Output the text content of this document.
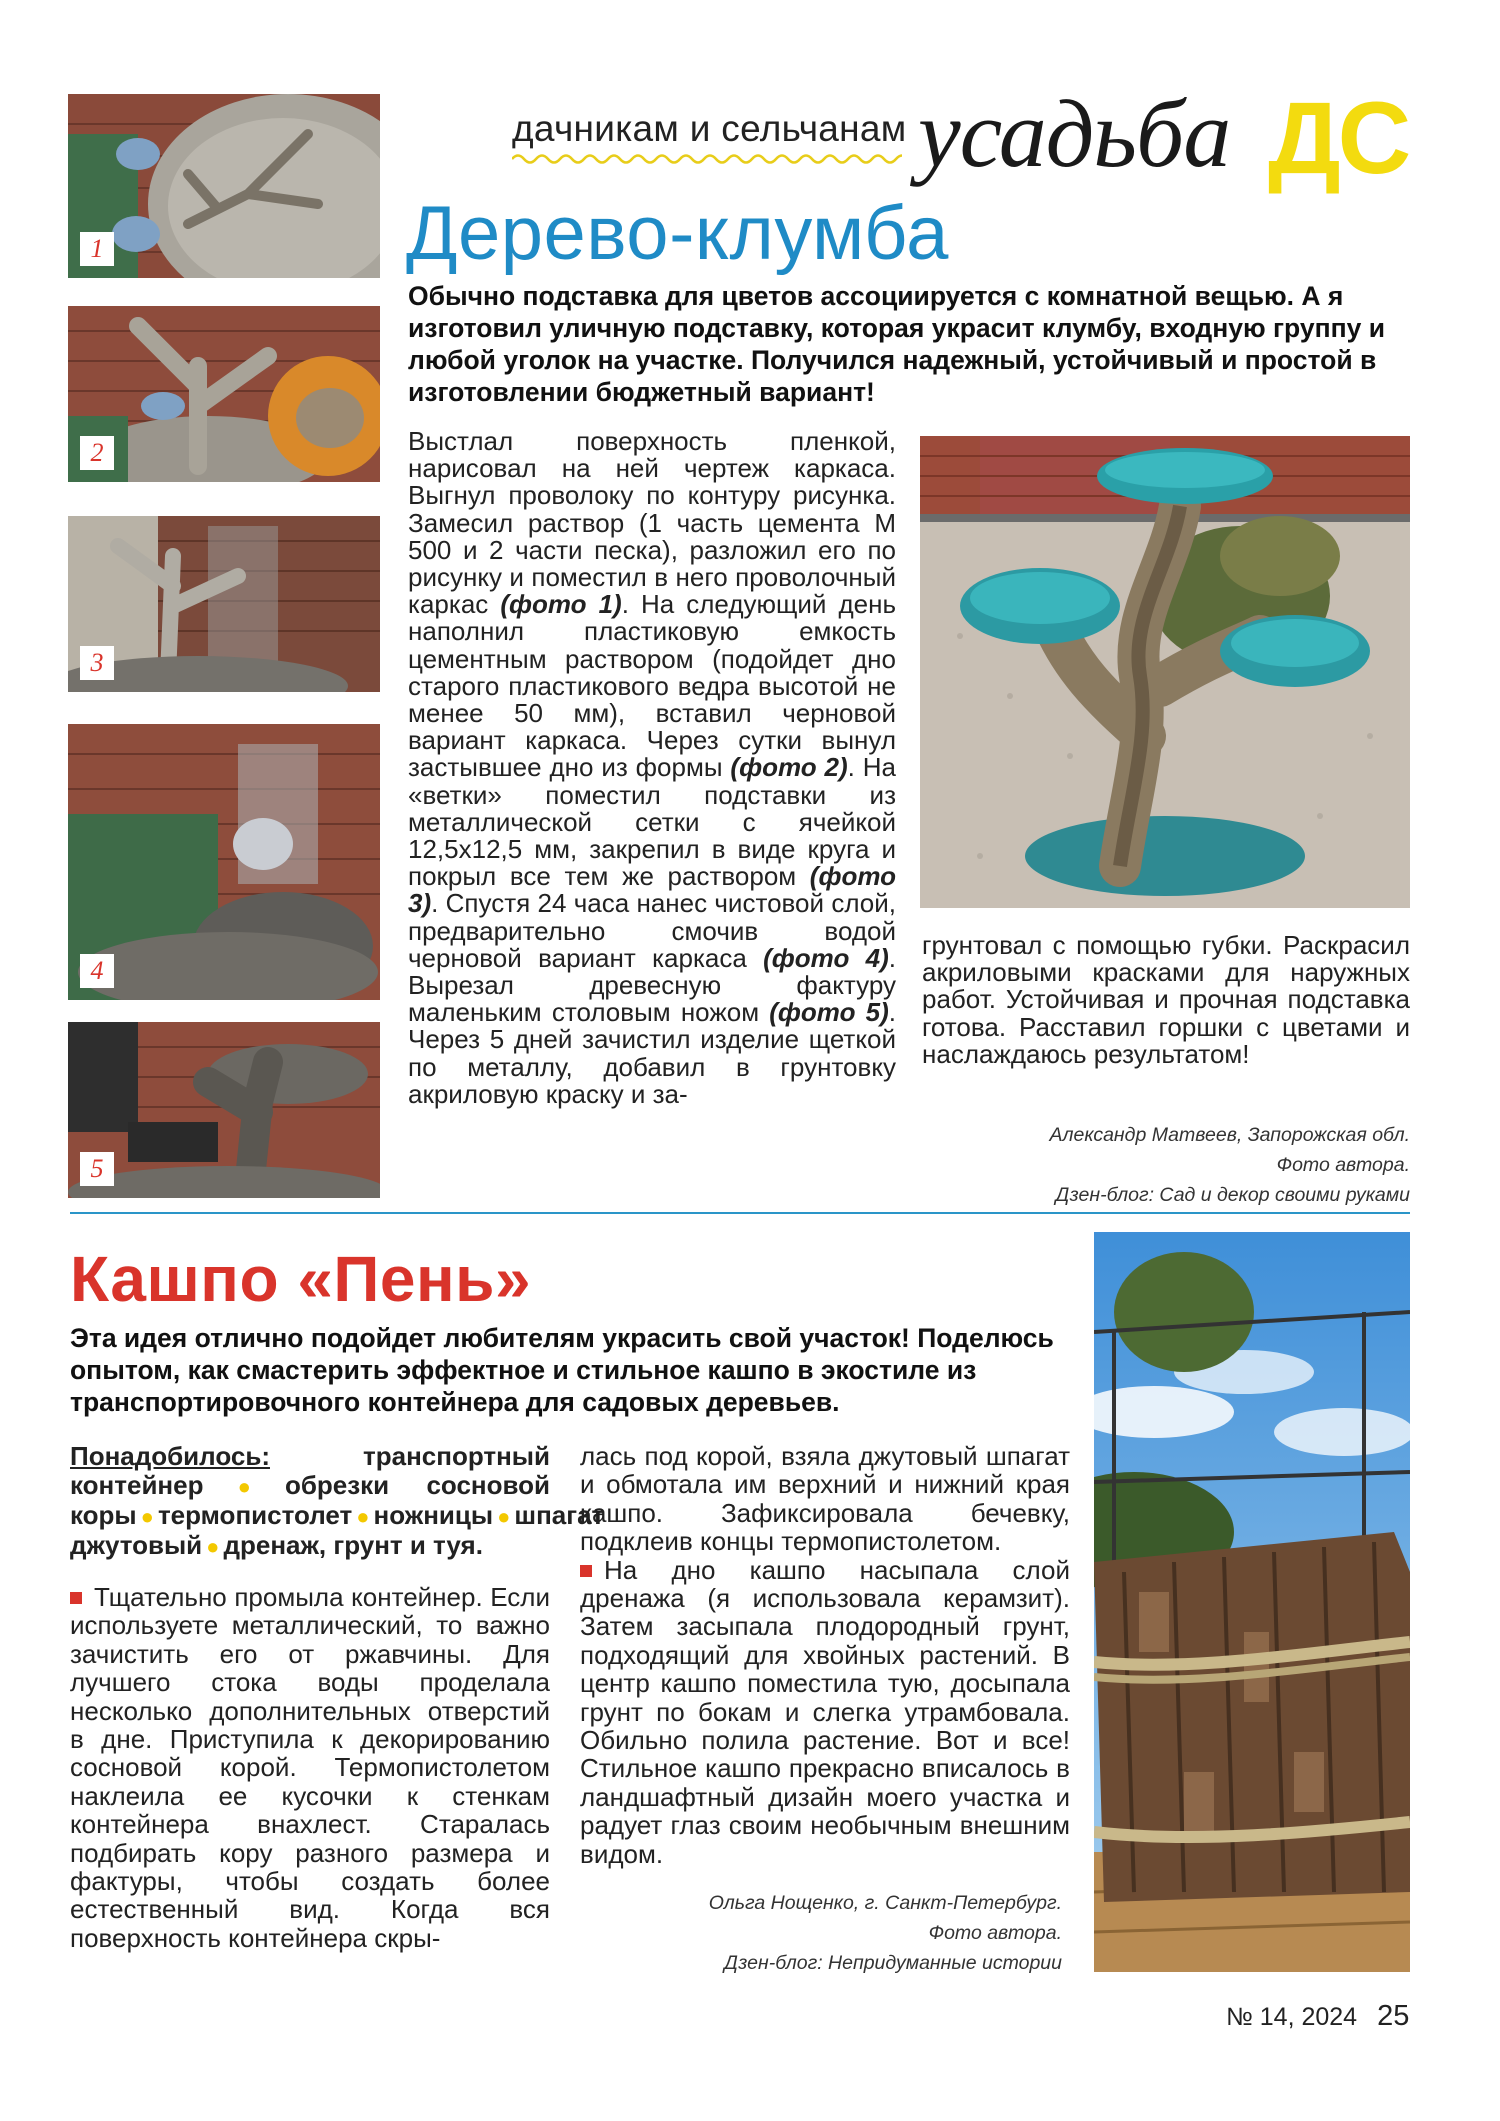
дачникам и сельчанам усадьба ДС
1
2
3
4
5
Дерево-клумба

Обычно подставка для цветов ассоциируется с комнатной вещью. А я изготовил уличную подставку, которая украсит клумбу, входную группу и любой уголок на участке. Получился надежный, устойчивый и простой в изготовлении бюджетный вариант!

Выстлал поверхность пленкой, нарисовал на ней чертеж каркаса. Выгнул проволоку по контуру рисунка. Замесил раствор (1 часть цемента М 500 и 2 части песка), разложил его по рисунку и поместил в него проволочный каркас (фото 1). На следующий день наполнил пластиковую емкость цементным раствором (подойдет дно старого пластикового ведра высотой не менее 50 мм), вставил черновой вариант каркаса. Через сутки вынул застывшее дно из формы (фото 2). На «ветки» поместил подставки из металлической сетки с ячейкой 12,5х12,5 мм, закрепил в виде круга и покрыл все тем же раствором (фото 3). Спустя 24 часа нанес чистовой слой, предварительно смочив водой черновой вариант каркаса (фото 4). Вырезал древесную фактуру маленьким столовым ножом (фото 5). Через 5 дней зачистил изделие щеткой по металлу, добавил в грунтовку акриловую краску и за-

грунтовал с помощью губки. Раскрасил акриловыми красками для наружных работ. Устойчивая и прочная подставка готова. Расставил горшки с цветами и наслаждаюсь результатом!
Александр Матвеев, Запорожская обл.
Фото автора.
Дзен-блог: Сад и декор своими руками
Кашпо «Пень»

Эта идея отлично подойдет любителям украсить свой участок! Поделюсь опытом, как смастерить эффектное и стильное кашпо в экостиле из транспортировочного контейнера для садовых деревьев.

Понадобилось:	транспортный контейнер ● обрезки сосновой коры ● термопистолет ● ножницы ● шпагат джутовый ● дренаж, грунт и туя.

Тщательно промыла контейнер. Если используете металлический, то важно зачистить его от ржавчины. Для лучшего стока воды проделала несколько дополнительных отверстий в дне. Приступила к декорированию сосновой корой. Термопистолетом наклеила ее кусочки к стенкам контейнера внахлест. Старалась подбирать кору разного размера и фактуры, чтобы создать более естественный вид. Когда вся поверхность контейнера скры-

лась под корой, взяла джутовый шпагат и обмотала им верхний и нижний края кашпо. Зафиксировала бечевку, подклеив концы термопистолетом.

На дно кашпо насыпала слой дренажа (я использовала керамзит). Затем засыпала плодородный грунт, подходящий для хвойных растений. В центр кашпо поместила тую, досыпала грунт по бокам и слегка утрамбовала. Обильно полила растение. Вот и все! Стильное кашпо прекрасно вписалось в ландшафтный дизайн моего участка и радует глаз своим необычным внешним видом.

Ольга Нощенко, г. Санкт-Петербург.
Фото автора.
Дзен-блог: Непридуманные истории
№ 14, 2024 25
